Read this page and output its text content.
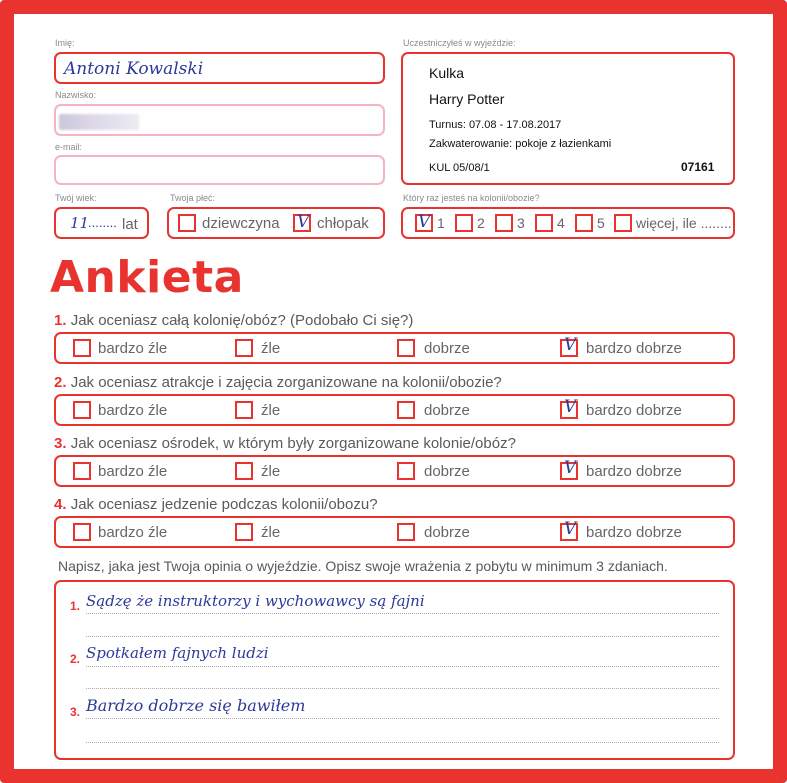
Imię:
Antoni Kowalski
Nazwisko:
e-mail:
Twój wiek:
11
........ lat
Twoja płeć:
dziewczyna V chłopak
Uczestniczyłeś w wyjeździe:
Kulka
Harry Potter
Turnus: 07.08 - 17.08.2017
Zakwaterowanie: pokoje z łazienkami
KUL 05/08/1	07161
Który raz jesteś na kolonii/obozie?
V 1 2 3 4 5 więcej, ile ........
Ankieta
1. Jak oceniasz całą kolonię/obóz? (Podobało Ci się?)
bardzo źle	źle	dobrze	V bardzo dobrze
2. Jak oceniasz atrakcje i zajęcia zorganizowane na kolonii/obozie?
bardzo źle	źle	dobrze	V bardzo dobrze
3. Jak oceniasz ośrodek, w którym były zorganizowane kolonie/obóz?
bardzo źle	źle	dobrze	V bardzo dobrze
4. Jak oceniasz jedzenie podczas kolonii/obozu?
bardzo źle	źle	dobrze	V bardzo dobrze
Napisz, jaka jest Twoja opinia o wyjeździe. Opisz swoje wrażenia z pobytu w minimum 3 zdaniach.
1. Sądzę że instruktorzy i wychowawcy są fajni
2. Spotkałem fajnych ludzi
3. Bardzo dobrze się bawiłem
